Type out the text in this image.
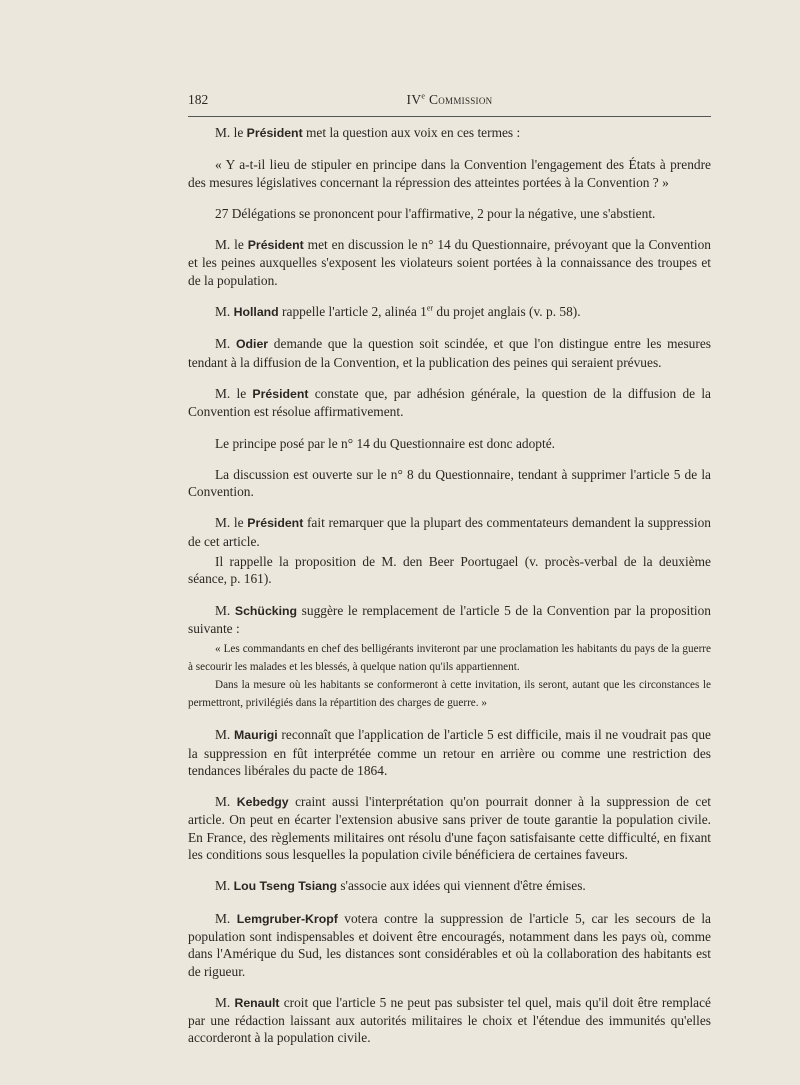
182	IVe Commission

M. le Président met la question aux voix en ces termes :

« Y a-t-il lieu de stipuler en principe dans la Convention l'engagement des États à prendre des mesures législatives concernant la répression des atteintes portées à la Convention ? »

27 Délégations se prononcent pour l'affirmative, 2 pour la négative, une s'abstient.

M. le Président met en discussion le n° 14 du Questionnaire, prévoyant que la Convention et les peines auxquelles s'exposent les violateurs soient portées à la connaissance des troupes et de la population.

M. Holland rappelle l'article 2, alinéa 1er du projet anglais (v. p. 58).

M. Odier demande que la question soit scindée, et que l'on distingue entre les mesures tendant à la diffusion de la Convention, et la publication des peines qui seraient prévues.

M. le Président constate que, par adhésion générale, la question de la diffusion de la Convention est résolue affirmativement.

Le principe posé par le n° 14 du Questionnaire est donc adopté.

La discussion est ouverte sur le n° 8 du Questionnaire, tendant à supprimer l'article 5 de la Convention.

M. le Président fait remarquer que la plupart des commentateurs demandent la suppression de cet article.

Il rappelle la proposition de M. den Beer Poortugael (v. procès-verbal de la deuxième séance, p. 161).

M. Schücking suggère le remplacement de l'article 5 de la Convention par la proposition suivante :

« Les commandants en chef des belligérants inviteront par une proclamation les habitants du pays de la guerre à secourir les malades et les blessés, à quelque nation qu'ils appartiennent.

Dans la mesure où les habitants se conformeront à cette invitation, ils seront, autant que les circonstances le permettront, privilégiés dans la répartition des charges de guerre. »

M. Maurigi reconnaît que l'application de l'article 5 est difficile, mais il ne voudrait pas que la suppression en fût interprétée comme un retour en arrière ou comme une restriction des tendances libérales du pacte de 1864.

M. Kebedgy craint aussi l'interprétation qu'on pourrait donner à la suppression de cet article. On peut en écarter l'extension abusive sans priver de toute garantie la population civile. En France, des règlements militaires ont résolu d'une façon satisfaisante cette difficulté, en fixant les conditions sous lesquelles la population civile bénéficiera de certaines faveurs.

M. Lou Tseng Tsiang s'associe aux idées qui viennent d'être émises.

M. Lemgruber-Kropf votera contre la suppression de l'article 5, car les secours de la population sont indispensables et doivent être encouragés, notamment dans les pays où, comme dans l'Amérique du Sud, les distances sont considérables et où la collaboration des habitants est de rigueur.

M. Renault croit que l'article 5 ne peut pas subsister tel quel, mais qu'il doit être remplacé par une rédaction laissant aux autorités militaires le choix et l'étendue des immunités qu'elles accorderont à la population civile.
